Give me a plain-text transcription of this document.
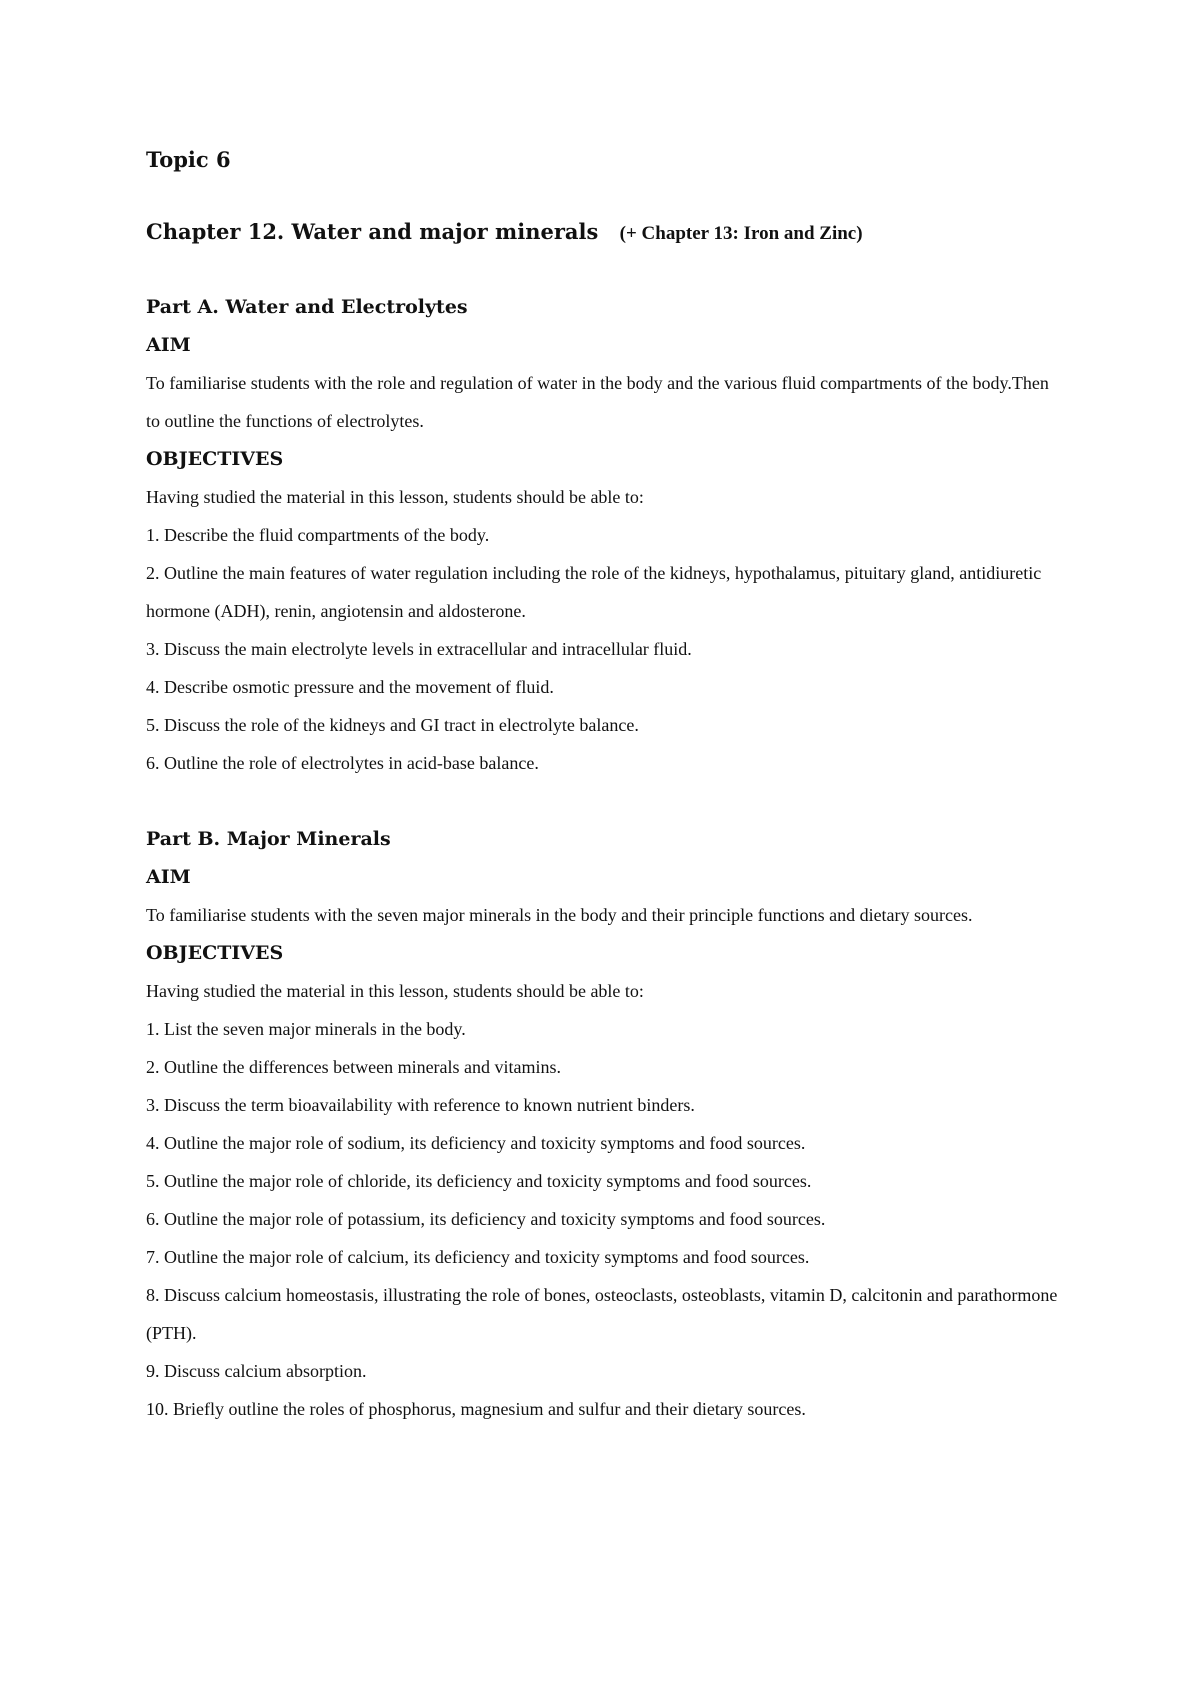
Topic 6
Chapter 12. Water and major minerals (+ Chapter 13: Iron and Zinc)
Part A. Water and Electrolytes
AIM

To familiarise students with the role and regulation of water in the body and the various fluid compartments of the body.Then to outline the functions of electrolytes.

OBJECTIVES

Having studied the material in this lesson, students should be able to:

1. Describe the fluid compartments of the body.
2. Outline the main features of water regulation including the role of the kidneys, hypothalamus, pituitary gland, antidiuretic hormone (ADH), renin, angiotensin and aldosterone.
3. Discuss the main electrolyte levels in extracellular and intracellular fluid.
4. Describe osmotic pressure and the movement of fluid.
5. Discuss the role of the kidneys and GI tract in electrolyte balance.
6. Outline the role of electrolytes in acid-base balance.
Part B. Major Minerals
AIM

To familiarise students with the seven major minerals in the body and their principle functions and dietary sources.

OBJECTIVES

Having studied the material in this lesson, students should be able to:

1. List the seven major minerals in the body.
2. Outline the differences between minerals and vitamins.
3. Discuss the term bioavailability with reference to known nutrient binders.
4. Outline the major role of sodium, its deficiency and toxicity symptoms and food sources.
5. Outline the major role of chloride, its deficiency and toxicity symptoms and food sources.
6. Outline the major role of potassium, its deficiency and toxicity symptoms and food sources.
7. Outline the major role of calcium, its deficiency and toxicity symptoms and food sources.
8. Discuss calcium homeostasis, illustrating the role of bones, osteoclasts, osteoblasts, vitamin D, calcitonin and parathormone (PTH).
9. Discuss calcium absorption.
10. Briefly outline the roles of phosphorus, magnesium and sulfur and their dietary sources.
